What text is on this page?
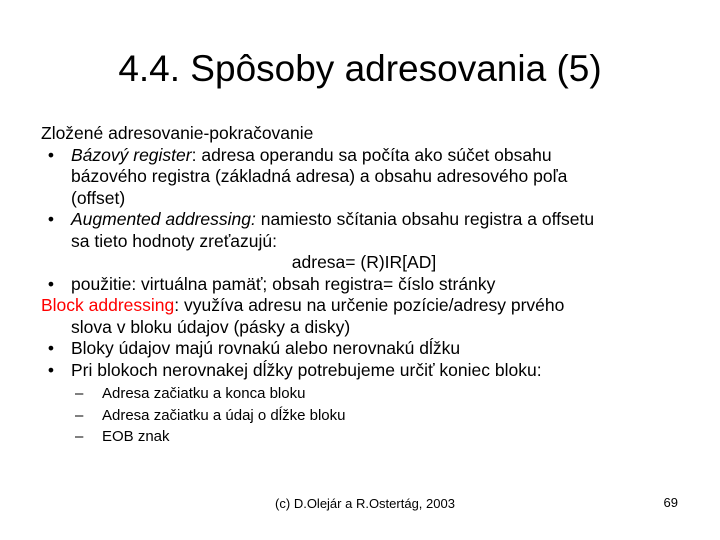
4.4. Spôsoby adresovania (5)
Zložené adresovanie-pokračovanie
• Bázový register: adresa operandu sa počíta ako súčet obsahu
bázového registra (základná adresa) a obsahu adresového poľa
(offset)
• Augmented addressing: namiesto sčítania obsahu registra a offsetu
sa tieto hodnoty zreťazujú:
adresa= (R)IR[AD]
• použitie: virtuálna pamäť; obsah registra= číslo stránky
Block addressing: využíva adresu na určenie pozície/adresy prvého
slova v bloku údajov (pásky a disky)
• Bloky údajov majú rovnakú alebo nerovnakú dĺžku
• Pri blokoch nerovnakej dĺžky potrebujeme určiť koniec bloku:
– Adresa začiatku a konca bloku
– Adresa začiatku a údaj o dĺžke bloku
– EOB znak
(c) D.Olejár a R.Ostertág, 2003	69
